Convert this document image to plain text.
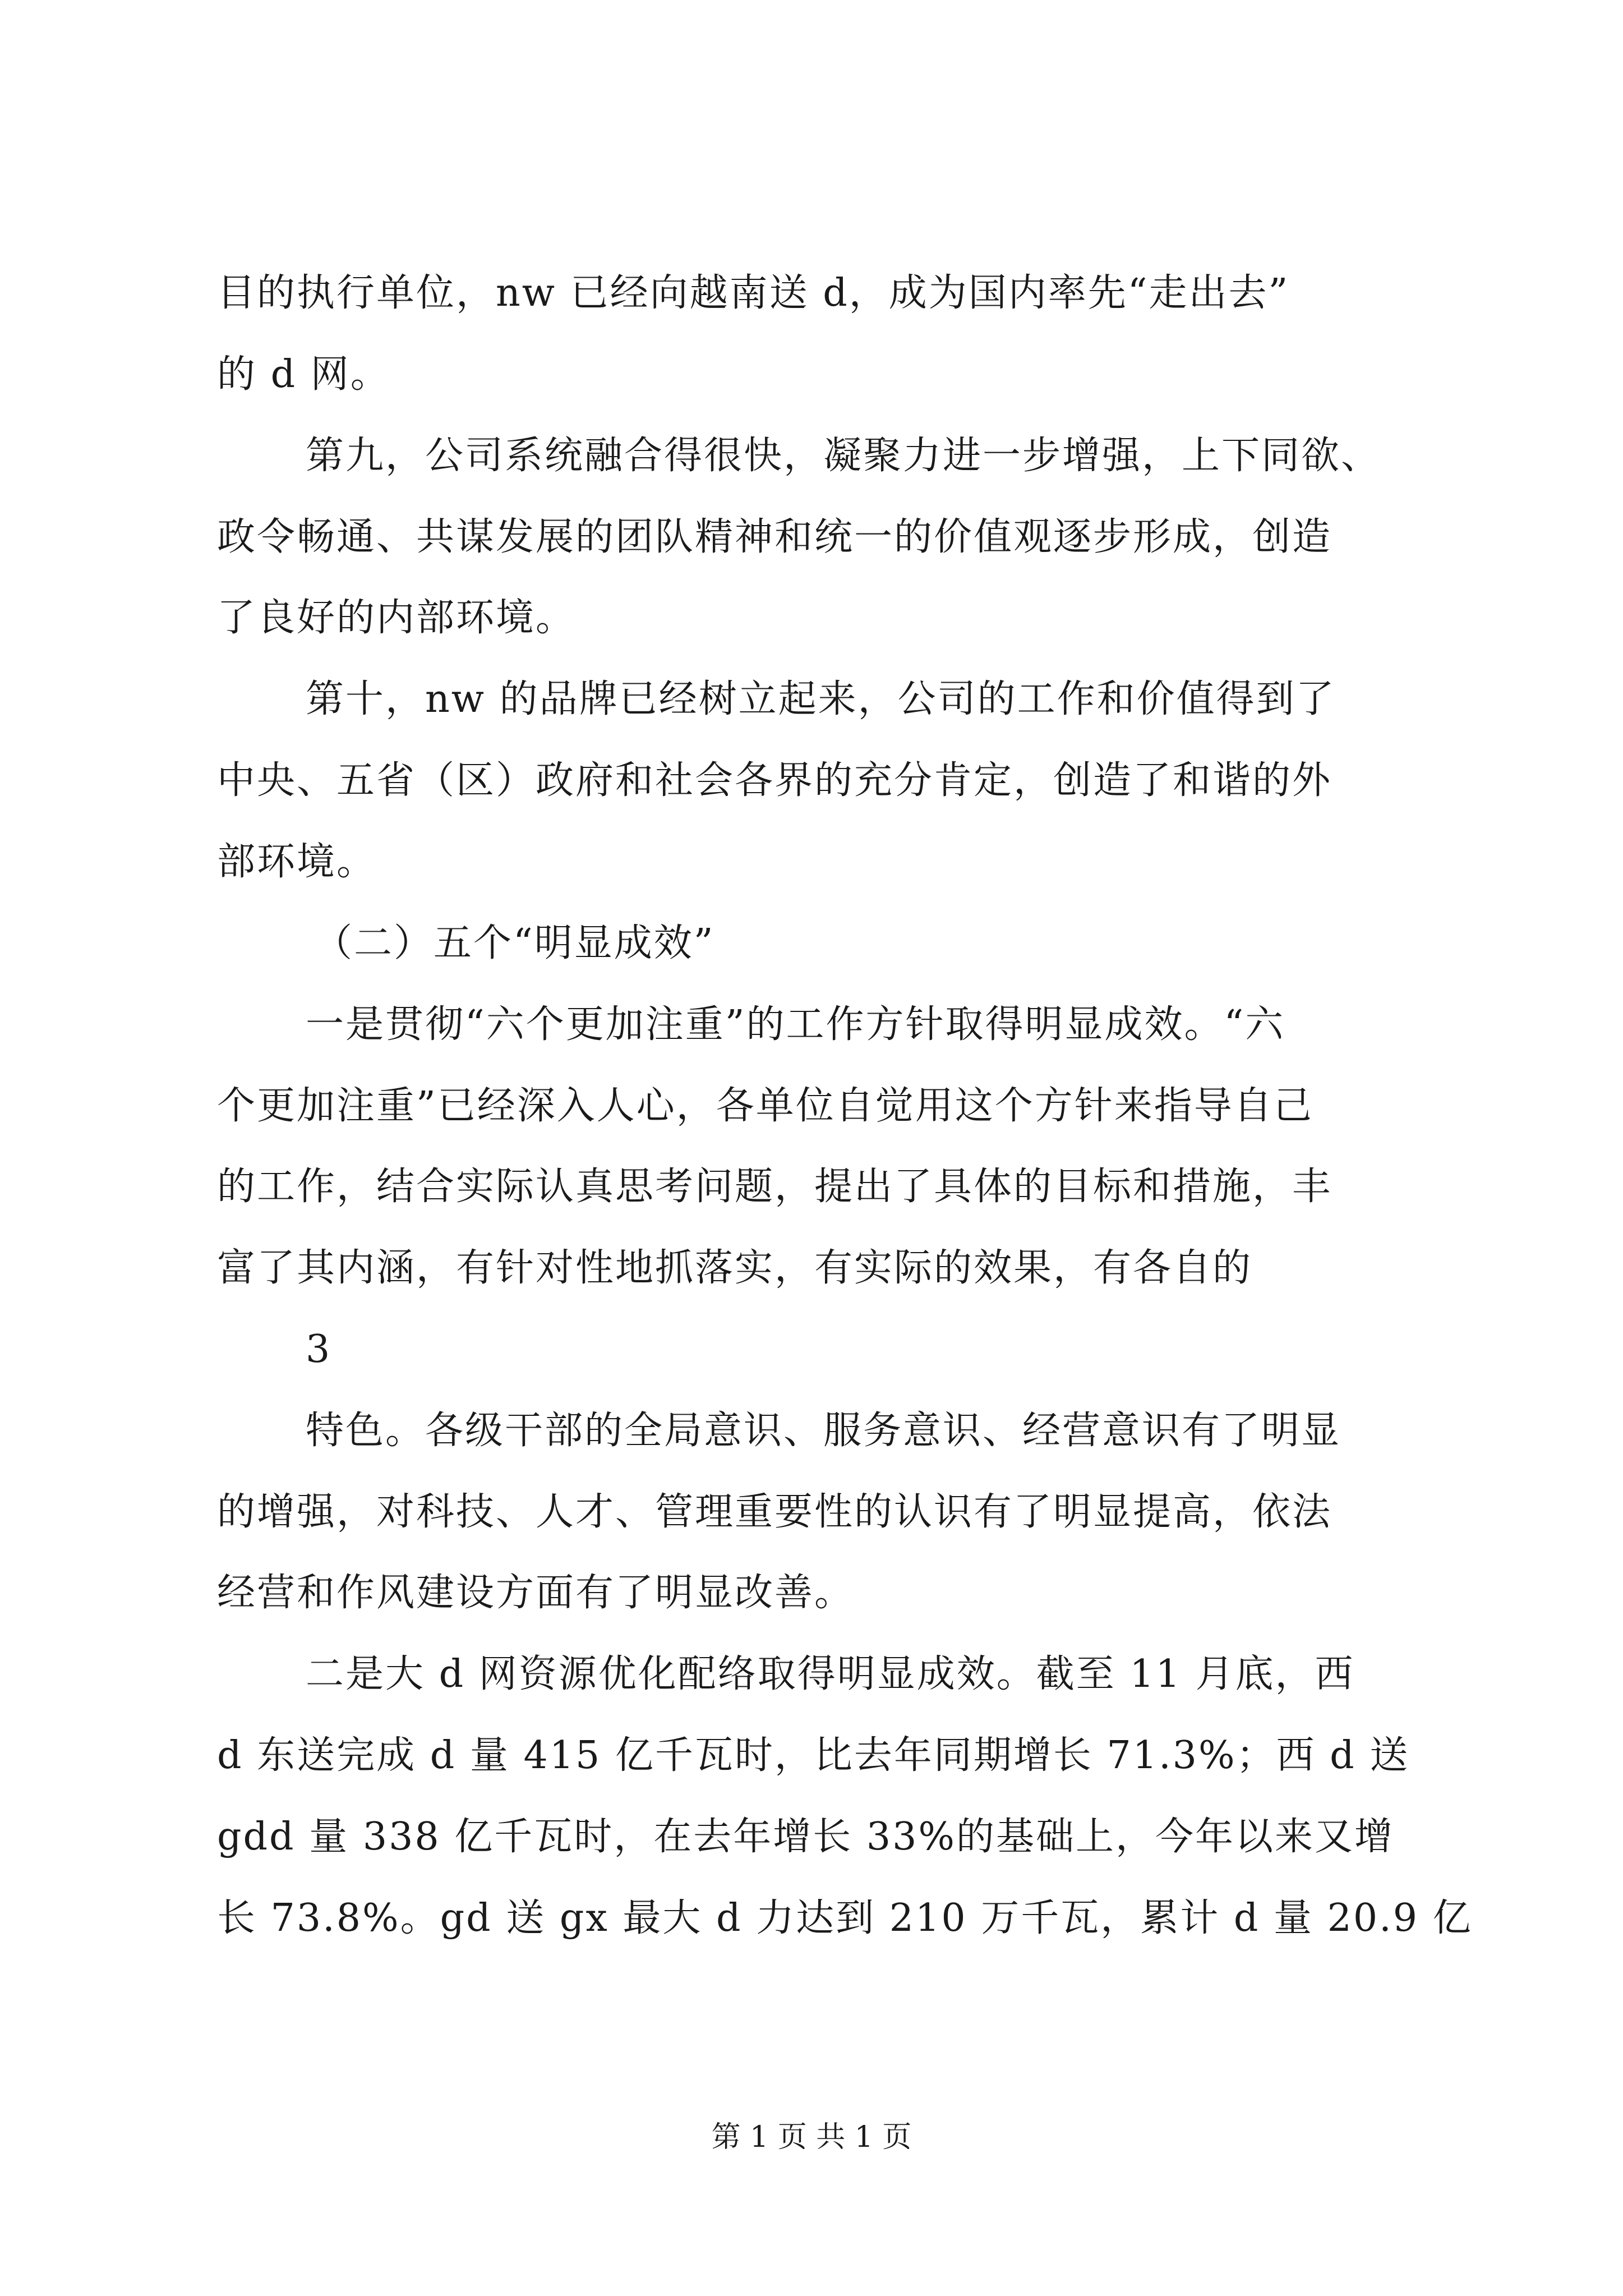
目的执行单位，nw 已经向越南送 d，成为国内率先“走出去”
的 d 网。
第九，公司系统融合得很快，凝聚力进一步增强，上下同欲、
政令畅通、共谋发展的团队精神和统一的价值观逐步形成，创造
了良好的内部环境。
第十，nw 的品牌已经树立起来，公司的工作和价值得到了
中央、五省（区）政府和社会各界的充分肯定，创造了和谐的外
部环境。
（二）五个“明显成效”
一是贯彻“六个更加注重”的工作方针取得明显成效。“六
个更加注重”已经深入人心，各单位自觉用这个方针来指导自己
的工作，结合实际认真思考问题，提出了具体的目标和措施，丰
富了其内涵，有针对性地抓落实，有实际的效果，有各自的
3
特色。各级干部的全局意识、服务意识、经营意识有了明显
的增强，对科技、人才、管理重要性的认识有了明显提高，依法
经营和作风建设方面有了明显改善。
二是大 d 网资源优化配络取得明显成效。截至 11 月底，西
d 东送完成 d 量 415 亿千瓦时，比去年同期增长 71.3%；西 d 送
gdd 量 338 亿千瓦时，在去年增长 33%的基础上，今年以来又增
长 73.8%。gd 送 gx 最大 d 力达到 210 万千瓦，累计 d 量 20.9 亿
第 1 页 共 1 页
